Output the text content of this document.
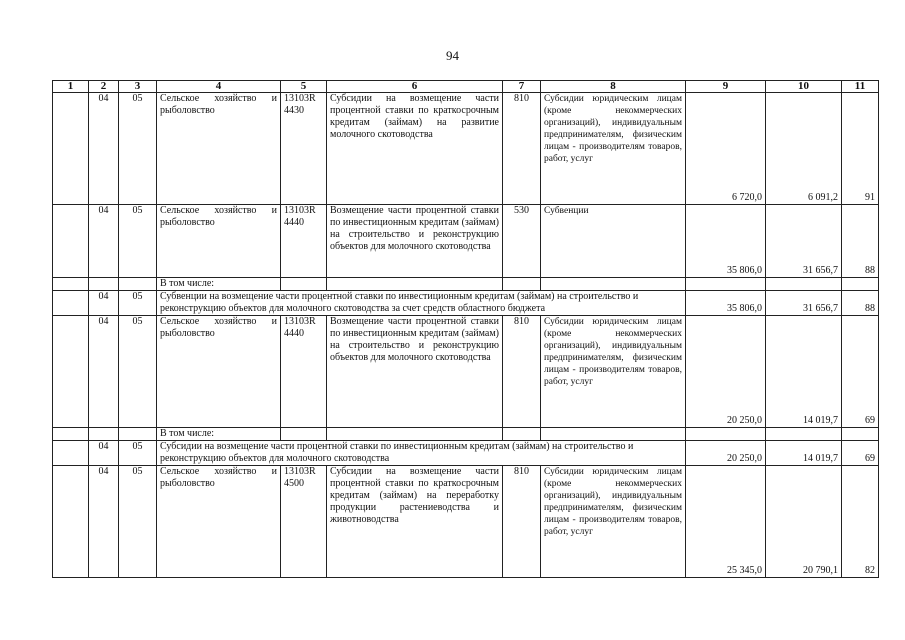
94
1	2	3	4	5	6	7	8	9	10	11
	04	05	Сельское хозяйство и рыболовство	13103R 4430	Субсидии на возмещение части процентной ставки по краткосрочным кредитам (займам) на развитие молочного скотоводства	810	Субсидии юридическим лицам (кроме некоммерческих организаций), индивидуальным предпринимателям, физическим лицам - производителям товаров, работ, услуг	6 720,0	6 091,2	91
	04	05	Сельское хозяйство и рыболовство	13103R 4440	Возмещение части процентной ставки по инвестиционным кредитам (займам) на строительство и реконструкцию объектов для молочного скотоводства	530	Субвенции	35 806,0	31 656,7	88
			В том числе:							
	04	05	Субвенции на возмещение части процентной ставки по инвестиционным кредитам (займам) на строительство и реконструкцию объектов для молочного скотоводства за счет средств областного бюджета					35 806,0	31 656,7	88
	04	05	Сельское хозяйство и рыболовство	13103R 4440	Возмещение части процентной ставки по инвестиционным кредитам (займам) на строительство и реконструкцию объектов для молочного скотоводства	810	Субсидии юридическим лицам (кроме некоммерческих организаций), индивидуальным предпринимателям, физическим лицам - производителям товаров, работ, услуг	20 250,0	14 019,7	69
			В том числе:							
	04	05	Субсидии на возмещение части процентной ставки по инвестиционным кредитам (займам) на строительство и реконструкцию объектов для молочного скотоводства					20 250,0	14 019,7	69
	04	05	Сельское хозяйство и рыболовство	13103R 4500	Субсидии на возмещение части процентной ставки по краткосрочным кредитам (займам) на переработку продукции растениеводства и животноводства	810	Субсидии юридическим лицам (кроме некоммерческих организаций), индивидуальным предпринимателям, физическим лицам - производителям товаров, работ, услуг	25 345,0	20 790,1	82
